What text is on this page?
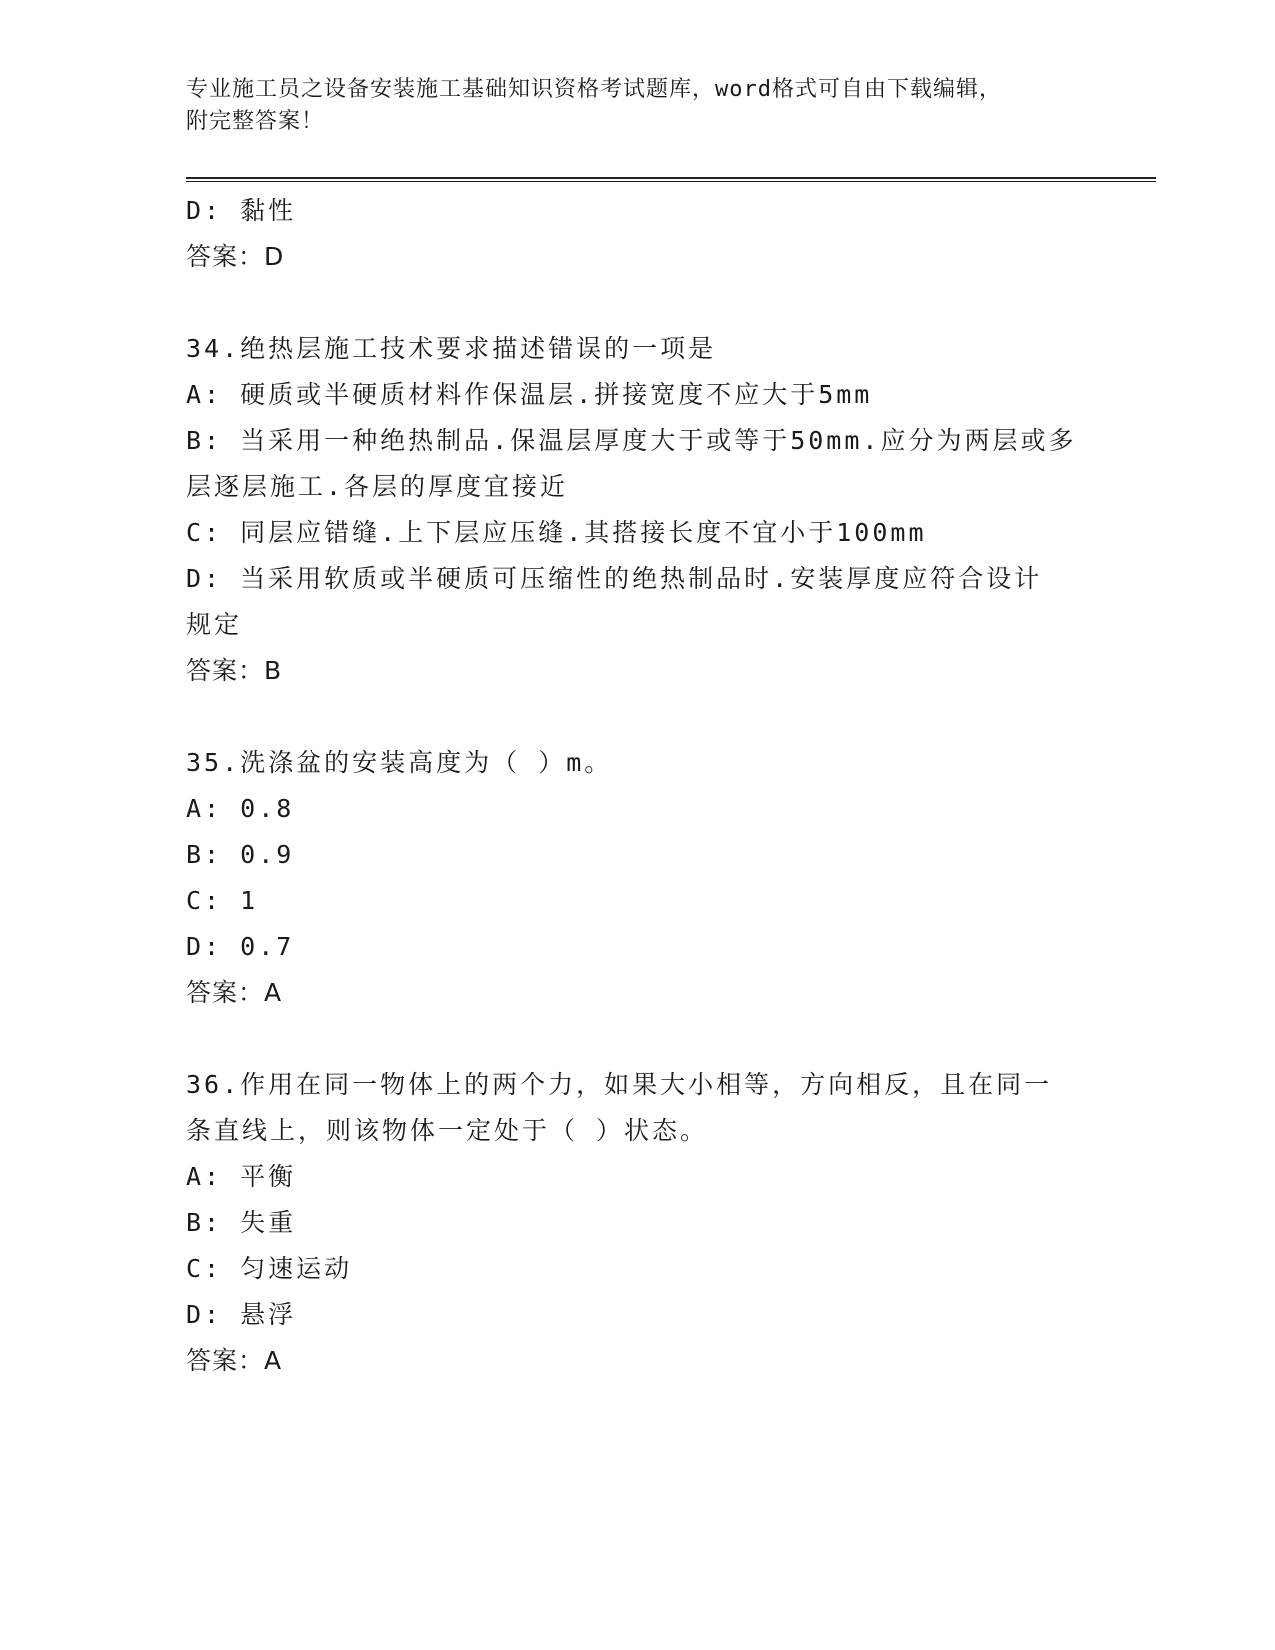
专业施工员之设备安装施工基础知识资格考试题库，word格式可自由下载编辑，
附完整答案！

D: 黏性

答案：D

34.绝热层施工技术要求描述错误的一项是

A: 硬质或半硬质材料作保温层.拼接宽度不应大于5mm

B: 当采用一种绝热制品.保温层厚度大于或等于50mm.应分为两层或多

层逐层施工.各层的厚度宜接近

C: 同层应错缝.上下层应压缝.其搭接长度不宜小于100mm

D: 当采用软质或半硬质可压缩性的绝热制品时.安装厚度应符合设计

规定

答案：B

35.洗涤盆的安装高度为（ ）m。

A: 0.8

B: 0.9

C: 1

D: 0.7

答案：A

36.作用在同一物体上的两个力，如果大小相等，方向相反，且在同一

条直线上，则该物体一定处于（ ）状态。

A: 平衡

B: 失重

C: 匀速运动

D: 悬浮

答案：A
